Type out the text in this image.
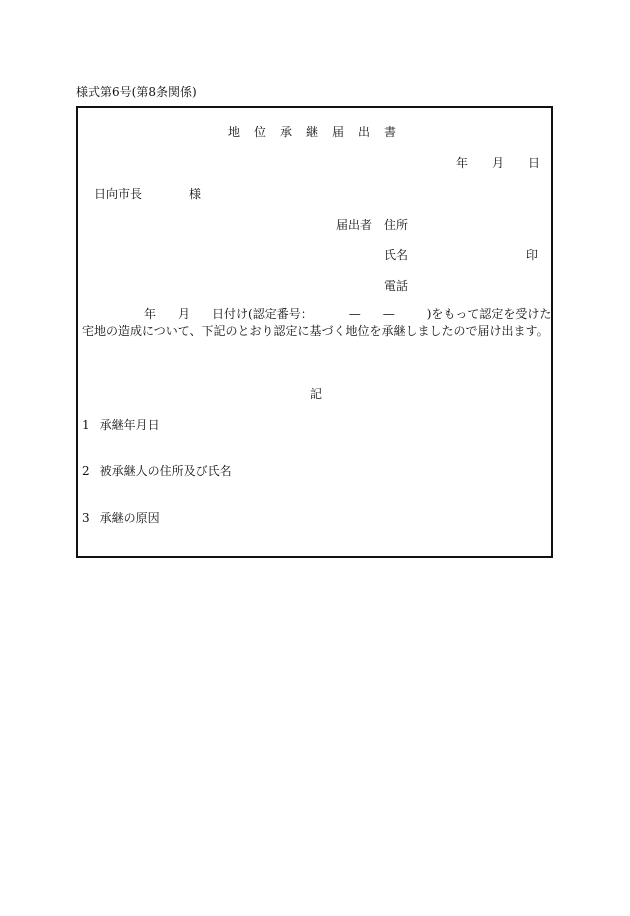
様式第6号(第8条関係)
地位承継届出書
年 月 日
日向市長	様
届出者 住所
氏名	印
電話
年 月 日付け(認定番号：	— —	)をもって認定を受けた宅地の造成について、下記のとおり認定に基づく地位を承継しましたので届け出ます。
記
1 承継年月日
2 被承継人の住所及び氏名
3 承継の原因
